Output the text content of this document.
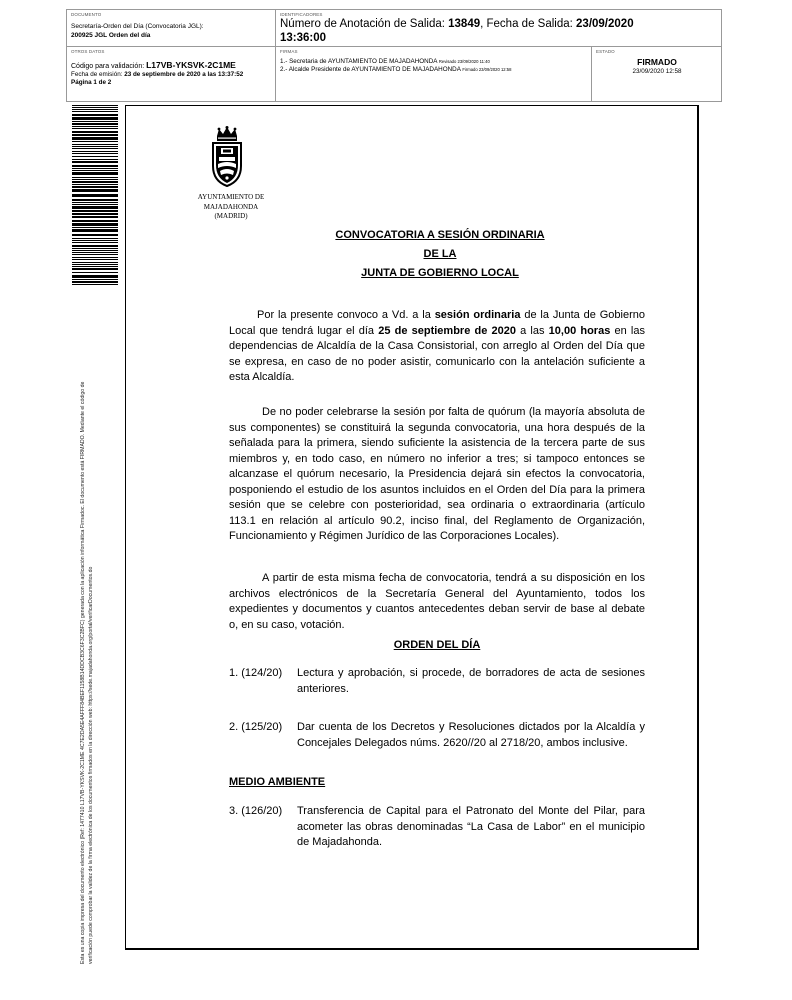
DOCUMENTO
Secretaría-Orden del Día (Convocatoria JGL):
200925 JGL Orden del día
IDENTIFICADORES
Número de Anotación de Salida: 13849, Fecha de Salida: 23/09/2020
13:36:00
OTROS DATOS
Código para validación: L17VB-YKSVK-2C1ME
Fecha de emisión: 23 de septiembre de 2020 a las 13:37:52
Página 1 de 2
FIRMAS
1.- Secretaria de AYUNTAMIENTO DE MAJADAHONDA Revisado 23/09/2020 11:40
2.- Alcalde Presidente de AYUNTAMIENTO DE MAJADAHONDA Firmado 23/09/2020 12:58
ESTADO
FIRMADO
23/09/2020 12:58
Esta es una copia impresa del documento electrónico (Ref: 1477410 L17VB-YKSVK-2C1ME 4C7E2DA5E4AFFF84BEF1158B14DDCB3C6F3C2BFC) generada con la aplicación informática Firmadoc. El documento está FIRMADO. Mediante el código de verificación puede comprobar la validez de la firma electrónica de los documentos firmados en la dirección web: https://sede.majadahonda.org/portal/verificarDocumentos.do
AYUNTAMIENTO DE
MAJADAHONDA
(MADRID)
CONVOCATORIA A SESIÓN ORDINARIA
DE LA
JUNTA DE GOBIERNO LOCAL
Por la presente convoco a Vd. a la sesión ordinaria de la Junta de Gobierno Local que tendrá lugar el día 25 de septiembre de 2020 a las 10,00 horas en las dependencias de Alcaldía de la Casa Consistorial, con arreglo al Orden del Día que se expresa, en caso de no poder asistir, comunicarlo con la antelación suficiente a esta Alcaldía.
De no poder celebrarse la sesión por falta de quórum (la mayoría absoluta de sus componentes) se constituirá la segunda convocatoria, una hora después de la señalada para la primera, siendo suficiente la asistencia de la tercera parte de sus miembros y, en todo caso, en número no inferior a tres; si tampoco entonces se alcanzase el quórum necesario, la Presidencia dejará sin efectos la convocatoria, posponiendo el estudio de los asuntos incluidos en el Orden del Día para la primera sesión que se celebre con posterioridad, sea ordinaria o extraordinaria (artículo 113.1 en relación al artículo 90.2, inciso final, del Reglamento de Organización, Funcionamiento y Régimen Jurídico de las Corporaciones Locales).
A partir de esta misma fecha de convocatoria, tendrá a su disposición en los archivos electrónicos de la Secretaría General del Ayuntamiento, todos los expedientes y documentos y cuantos antecedentes deban servir de base al debate o, en su caso, votación.
ORDEN DEL DÍA
1. (124/20) Lectura y aprobación, si procede, de borradores de acta de sesiones anteriores.
2. (125/20) Dar cuenta de los Decretos y Resoluciones dictados por la Alcaldía y Concejales Delegados núms. 2620//20 al 2718/20, ambos inclusive.
MEDIO AMBIENTE
3. (126/20) Transferencia de Capital para el Patronato del Monte del Pilar, para acometer las obras denominadas “La Casa de Labor” en el municipio de Majadahonda.
